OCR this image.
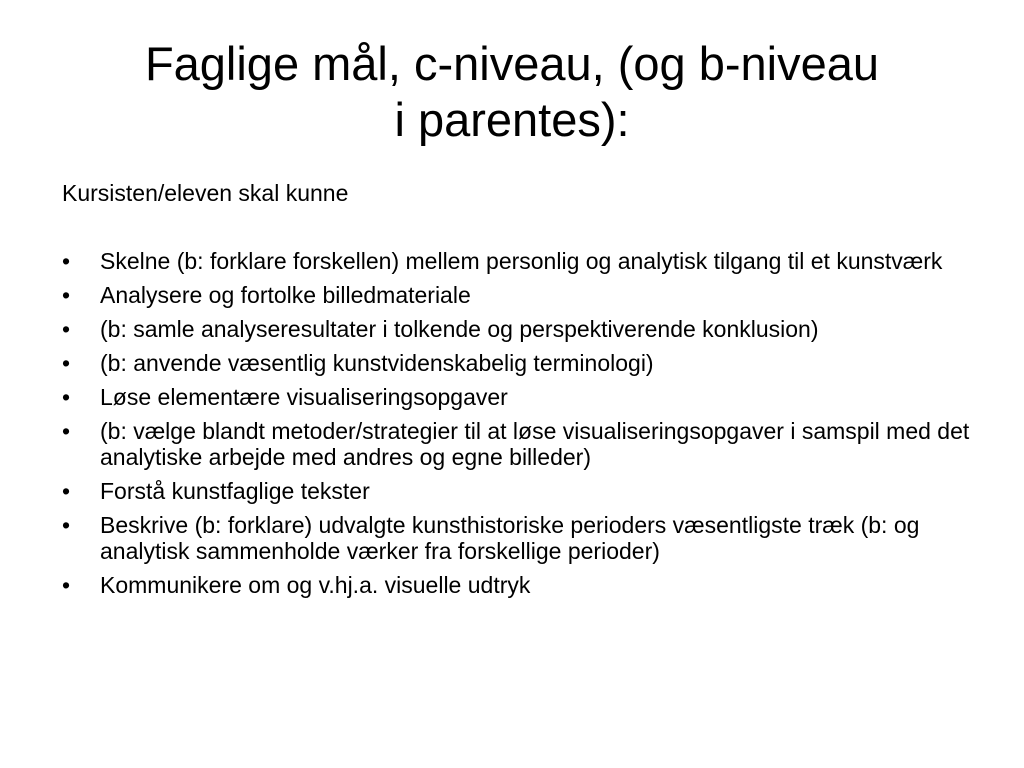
Faglige mål, c-niveau, (og b-niveau
i parentes):

Kursisten/eleven skal kunne

• Skelne (b: forklare forskellen) mellem personlig og analytisk tilgang til et kunstværk
• Analysere og fortolke billedmateriale
• (b: samle analyseresultater i tolkende og perspektiverende konklusion)
• (b: anvende væsentlig kunstvidenskabelig terminologi)
• Løse elementære visualiseringsopgaver
• (b: vælge blandt metoder/strategier til at løse visualiseringsopgaver i samspil med det analytiske arbejde med andres og egne billeder)
• Forstå kunstfaglige tekster
• Beskrive (b: forklare) udvalgte kunsthistoriske perioders væsentligste træk (b: og analytisk sammenholde værker fra forskellige perioder)
• Kommunikere om og v.hj.a. visuelle udtryk
